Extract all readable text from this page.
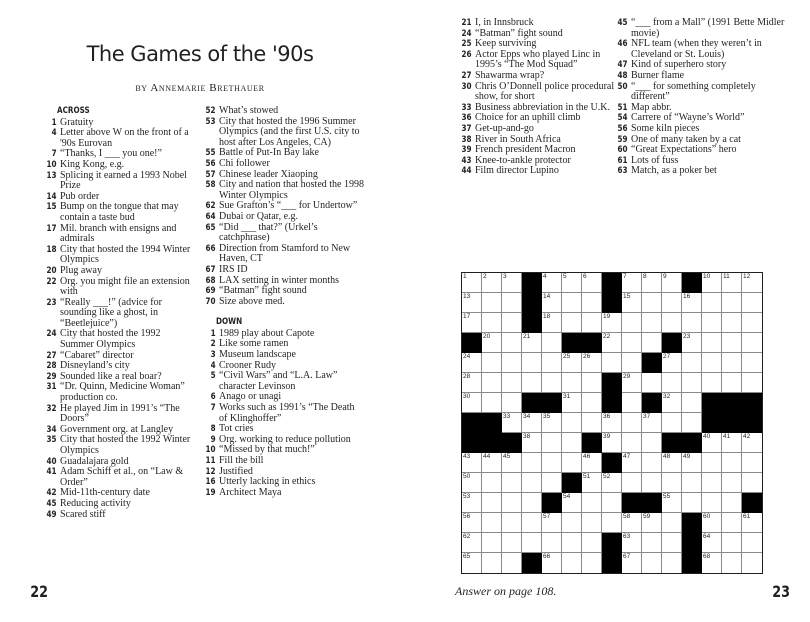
The Games of the '90s
by Annemarie Brethauer
ACROSS
1 Gratuity
4 Letter above W on the front of a '90s Eurovan
7 “Thanks, I ___ you one!”
10 King Kong, e.g.
13 Splicing it earned a 1993 Nobel Prize
14 Pub order
15 Bump on the tongue that may contain a taste bud
17 Mil. branch with ensigns and admirals
18 City that hosted the 1994 Winter Olympics
20 Plug away
22 Org. you might file an extension with
23 “Really ___!” (advice for sounding like a ghost, in “Beetlejuice”)
24 City that hosted the 1992 Summer Olympics
27 “Cabaret” director
28 Disneyland’s city
29 Sounded like a real boar?
31 “Dr. Quinn, Medicine Woman” production co.
32 He played Jim in 1991’s “The Doors”
34 Government org. at Langley
35 City that hosted the 1992 Winter Olympics
40 Guadalajara gold
41 Adam Schiff et al., on “Law & Order”
42 Mid-11th-century date
45 Reducing activity
49 Scared stiff
52 What’s stowed
53 City that hosted the 1996 Summer Olympics (and the first U.S. city to host after Los Angeles, CA)
55 Battle of Put-In Bay lake
56 Chi follower
57 Chinese leader Xiaoping
58 City and nation that hosted the 1998 Winter Olympics
62 Sue Grafton’s “___ for Undertow”
64 Dubai or Qatar, e.g.
65 “Did ___ that?” (Urkel’s catchphrase)
66 Direction from Stamford to New Haven, CT
67 IRS ID
68 LAX setting in winter months
69 “Batman” fight sound
70 Size above med.
DOWN
1 1989 play about Capote
2 Like some ramen
3 Museum landscape
4 Crooner Rudy
5 “Civil Wars” and “L.A. Law” character Levinson
6 Anago or unagi
7 Works such as 1991’s “The Death of Klinghoffer”
8 Tot cries
9 Org. working to reduce pollution
10 “Missed by that much!”
11 Fill the bill
12 Justified
16 Utterly lacking in ethics
19 Architect Maya
21 I, in Innsbruck
24 “Batman” fight sound
25 Keep surviving
26 Actor Epps who played Linc in 1995’s “The Mod Squad”
27 Shawarma wrap?
30 Chris O’Donnell police procedural show, for short
33 Business abbreviation in the U.K.
36 Choice for an uphill climb
37 Get-up-and-go
38 River in South Africa
39 French president Macron
43 Knee-to-ankle protector
44 Film director Lupino
45 “___ from a Mall” (1991 Bette Midler movie)
46 NFL team (when they weren’t in Cleveland or St. Louis)
47 Kind of superhero story
48 Burner flame
50 “___ for something completely different”
51 Map abbr.
54 Carrere of “Wayne’s World”
56 Some kiln pieces
59 One of many taken by a cat
60 “Great Expectations” hero
61 Lots of fuss
63 Match, as a poker bet
1	2	3	4	5	6	7	8	9	10 11 12
13	14	15	16
17	18	19
20	21	22	23
24	25 26	27
28	29
30	31	32
33 34 35	36	37
38	39	40 41 42
43 44 45	46	47	48 49
50	51 52
53	54	55
56	57	58 59	60	61
62	63	64
65	66	67	68
22	Answer on page 108.	23
